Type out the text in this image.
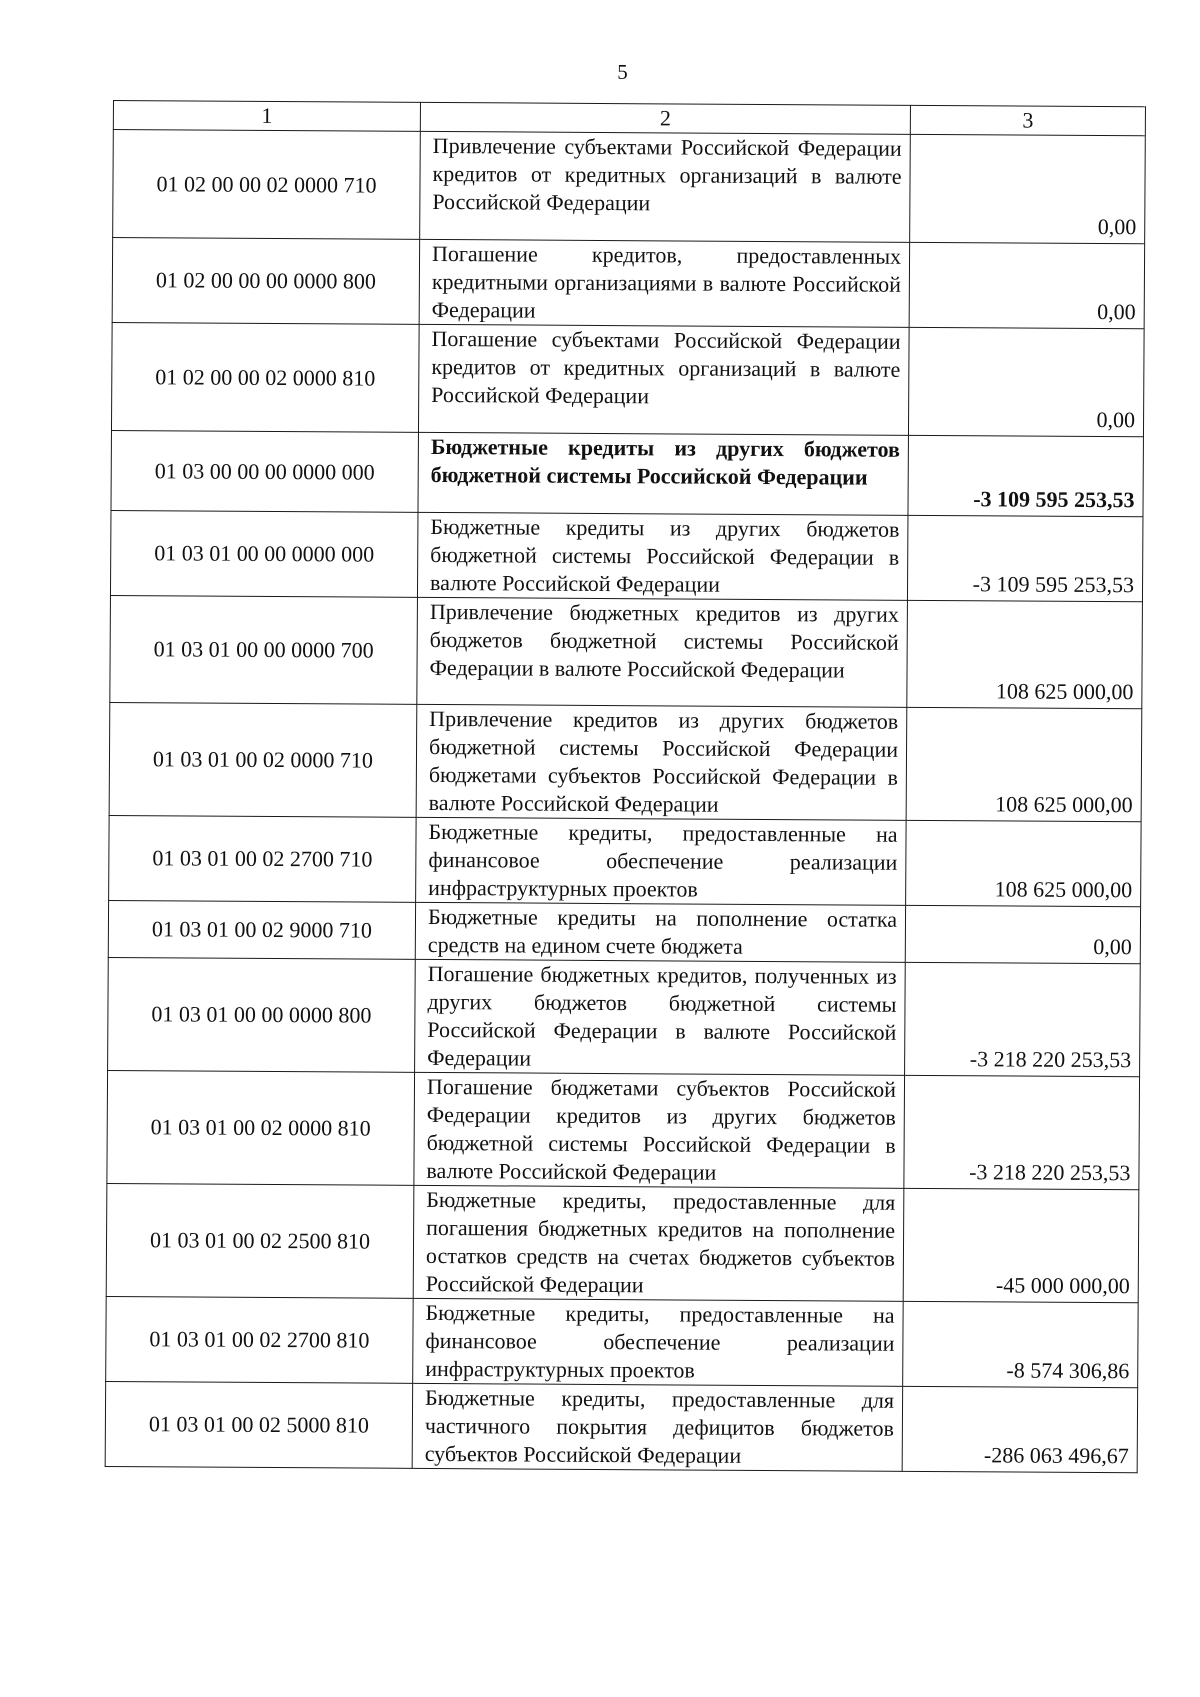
5
1	2	3
01 02 00 00 02 0000 710	Привлечение субъектами Российской Федерации кредитов от кредитных организаций в валюте Российской Федерации	0,00
01 02 00 00 00 0000 800	Погашение кредитов, предоставленных кредитными организациями в валюте Российской Федерации	0,00
01 02 00 00 02 0000 810	Погашение субъектами Российской Федерации кредитов от кредитных организаций в валюте Российской Федерации	0,00
01 03 00 00 00 0000 000	Бюджетные кредиты из других бюджетов бюджетной системы Российской Федерации	-3 109 595 253,53
01 03 01 00 00 0000 000	Бюджетные кредиты из других бюджетов бюджетной системы Российской Федерации в валюте Российской Федерации	-3 109 595 253,53
01 03 01 00 00 0000 700	Привлечение бюджетных кредитов из других бюджетов бюджетной системы Российской Федерации в валюте Российской Федерации	108 625 000,00
01 03 01 00 02 0000 710	Привлечение кредитов из других бюджетов бюджетной системы Российской Федерации бюджетами субъектов Российской Федерации в валюте Российской Федерации	108 625 000,00
01 03 01 00 02 2700 710	Бюджетные кредиты, предоставленные на финансовое обеспечение реализации инфраструктурных проектов	108 625 000,00
01 03 01 00 02 9000 710	Бюджетные кредиты на пополнение остатка средств на едином счете бюджета	0,00
01 03 01 00 00 0000 800	Погашение бюджетных кредитов, полученных из других бюджетов бюджетной системы Российской Федерации в валюте Российской Федерации	-3 218 220 253,53
01 03 01 00 02 0000 810	Погашение бюджетами субъектов Российской Федерации кредитов из других бюджетов бюджетной системы Российской Федерации в валюте Российской Федерации	-3 218 220 253,53
01 03 01 00 02 2500 810	Бюджетные кредиты, предоставленные для погашения бюджетных кредитов на пополнение остатков средств на счетах бюджетов субъектов Российской Федерации	-45 000 000,00
01 03 01 00 02 2700 810	Бюджетные кредиты, предоставленные на финансовое обеспечение реализации инфраструктурных проектов	-8 574 306,86
01 03 01 00 02 5000 810	Бюджетные кредиты, предоставленные для частичного покрытия дефицитов бюджетов субъектов Российской Федерации	-286 063 496,67
